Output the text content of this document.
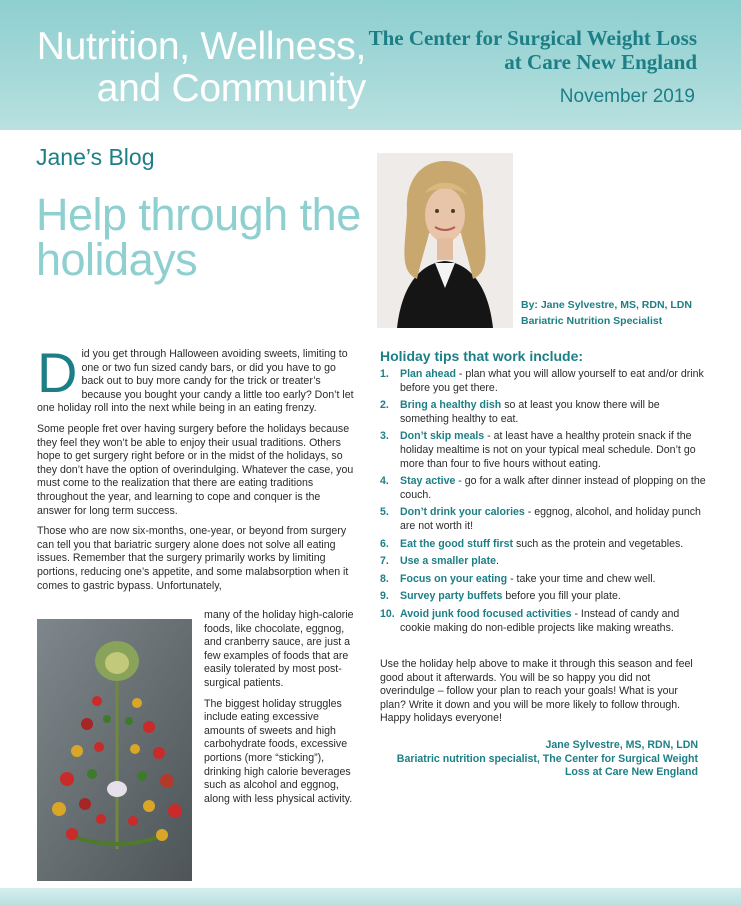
Nutrition, Wellness, and Community
The Center for Surgical Weight Loss at Care New England
November 2019
Jane’s Blog
Help through the holidays
By: Jane Sylvestre, MS, RDN, LDN
Bariatric Nutrition Specialist

Did you get through Halloween avoiding sweets, limiting to one or two fun sized candy bars, or did you have to go back out to buy more candy for the trick or treater’s because you bought your candy a little too early? Don’t let one holiday roll into the next while being in an eating frenzy.

Some people fret over having surgery before the holidays because they feel they won’t be able to enjoy their usual traditions. Others hope to get surgery right before or in the midst of the holidays, so they don’t have the option of overindulging. Whatever the case, you must come to the realization that there are eating traditions throughout the year, and learning to cope and conquer is the answer for long term success.

Those who are now six-months, one-year, or beyond from surgery can tell you that bariatric surgery alone does not solve all eating issues. Remember that the surgery primarily works by limiting portions, reducing one’s appetite, and some malabsorption when it comes to gastric bypass. Unfortunately,

many of the holiday high-calorie foods, like chocolate, eggnog, and cranberry sauce, are just a few examples of foods that are easily tolerated by most post-surgical patients.

The biggest holiday struggles include eating excessive amounts of sweets and high carbohydrate foods, excessive portions (more “sticking”), drinking high calorie beverages such as alcohol and eggnog, along with less physical activity.

Holiday tips that work include:
1.	Plan ahead - plan what you will allow yourself to eat and/or drink before you get there.
2.	Bring a healthy dish so at least you know there will be something healthy to eat.
3.	Don’t skip meals - at least have a healthy protein snack if the holiday mealtime is not on your typical meal schedule. Don’t go more than four to five hours without eating.
4.	Stay active - go for a walk after dinner instead of plopping on the couch.
5.	Don’t drink your calories - eggnog, alcohol, and holiday punch are not worth it!
6.	Eat the good stuff first such as the protein and vegetables.
7.	Use a smaller plate.
8.	Focus on your eating - take your time and chew well.
9.	Survey party buffets before you fill your plate.
10. Avoid junk food focused activities - Instead of candy and cookie making do non-edible projects like making wreaths.
Use the holiday help above to make it through this season and feel good about it afterwards. You will be so happy you did not overindulge – follow your plan to reach your goals! What is your plan? Write it down and you will be more likely to follow through. Happy holidays everyone!
Jane Sylvestre, MS, RDN, LDN
Bariatric nutrition specialist, The Center for Surgical Weight Loss at Care New England
